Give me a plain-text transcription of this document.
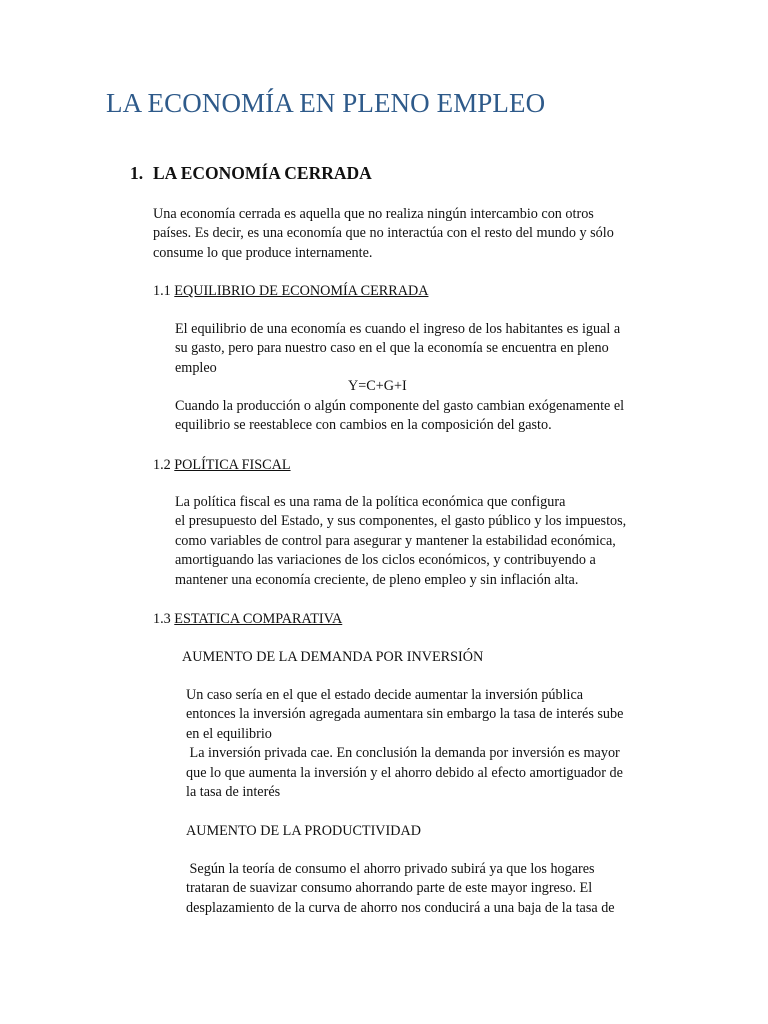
LA ECONOMÍA EN PLENO EMPLEO
1. LA ECONOMÍA CERRADA
Una economía cerrada es aquella que no realiza ningún intercambio con otros
países. Es decir, es una economía que no interactúa con el resto del mundo y sólo
consume lo que produce internamente.
1.1 EQUILIBRIO DE ECONOMÍA CERRADA
El equilibrio de una economía es cuando el ingreso de los habitantes es igual a
su gasto, pero para nuestro caso en el que la economía se encuentra en pleno
empleo
Y=C+G+I
Cuando la producción o algún componente del gasto cambian exógenamente el
equilibrio se reestablece con cambios en la composición del gasto.
1.2 POLÍTICA FISCAL
La política fiscal es una rama de la política económica que configura
el presupuesto del Estado, y sus componentes, el gasto público y los impuestos,
como variables de control para asegurar y mantener la estabilidad económica,
amortiguando las variaciones de los ciclos económicos, y contribuyendo a
mantener una economía creciente, de pleno empleo y sin inflación alta.
1.3 ESTATICA COMPARATIVA
AUMENTO DE LA DEMANDA POR INVERSIÓN
Un caso sería en el que el estado decide aumentar la inversión pública
entonces la inversión agregada aumentara sin embargo la tasa de interés sube
en el equilibrio
La inversión privada cae. En conclusión la demanda por inversión es mayor
que lo que aumenta la inversión y el ahorro debido al efecto amortiguador de
la tasa de interés
AUMENTO DE LA PRODUCTIVIDAD
Según la teoría de consumo el ahorro privado subirá ya que los hogares
trataran de suavizar consumo ahorrando parte de este mayor ingreso. El
desplazamiento de la curva de ahorro nos conducirá a una baja de la tasa de
